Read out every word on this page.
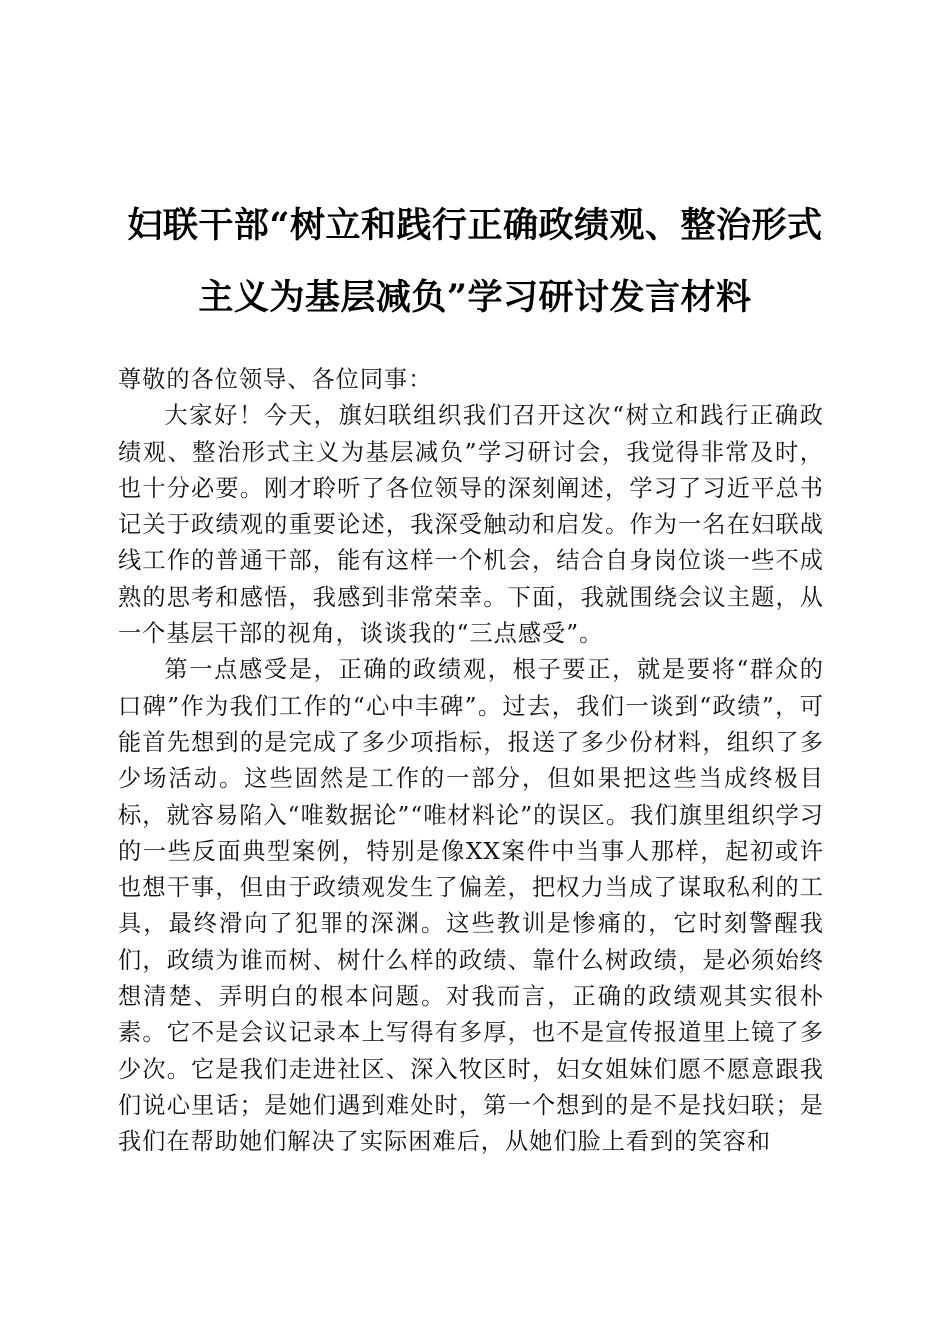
妇联干部“树立和践行正确政绩观、整治形式
主义为基层减负”学习研讨发言材料

尊敬的各位领导、各位同事：

大家好！今天，旗妇联组织我们召开这次“树立和践行正确政绩观、整治形式主义为基层减负”学习研讨会，我觉得非常及时，也十分必要。刚才聆听了各位领导的深刻阐述，学习了习近平总书记关于政绩观的重要论述，我深受触动和启发。作为一名在妇联战线工作的普通干部，能有这样一个机会，结合自身岗位谈一些不成熟的思考和感悟，我感到非常荣幸。下面，我就围绕会议主题，从一个基层干部的视角，谈谈我的“三点感受”。

第一点感受是，正确的政绩观，根子要正，就是要将“群众的口碑”作为我们工作的“心中丰碑”。过去，我们一谈到“政绩”，可能首先想到的是完成了多少项指标，报送了多少份材料，组织了多少场活动。这些固然是工作的一部分，但如果把这些当成终极目标，就容易陷入“唯数据论”“唯材料论”的误区。我们旗里组织学习的一些反面典型案例，特别是像XX案件中当事人那样，起初或许也想干事，但由于政绩观发生了偏差，把权力当成了谋取私利的工具，最终滑向了犯罪的深渊。这些教训是惨痛的，它时刻警醒我们，政绩为谁而树、树什么样的政绩、靠什么树政绩，是必须始终想清楚、弄明白的根本问题。对我而言，正确的政绩观其实很朴素。它不是会议记录本上写得有多厚，也不是宣传报道里上镜了多少次。它是我们走进社区、深入牧区时，妇女姐妹们愿不愿意跟我们说心里话；是她们遇到难处时，第一个想到的是不是找妇联；是我们在帮助她们解决了实际困难后，从她们脸上看到的笑容和
